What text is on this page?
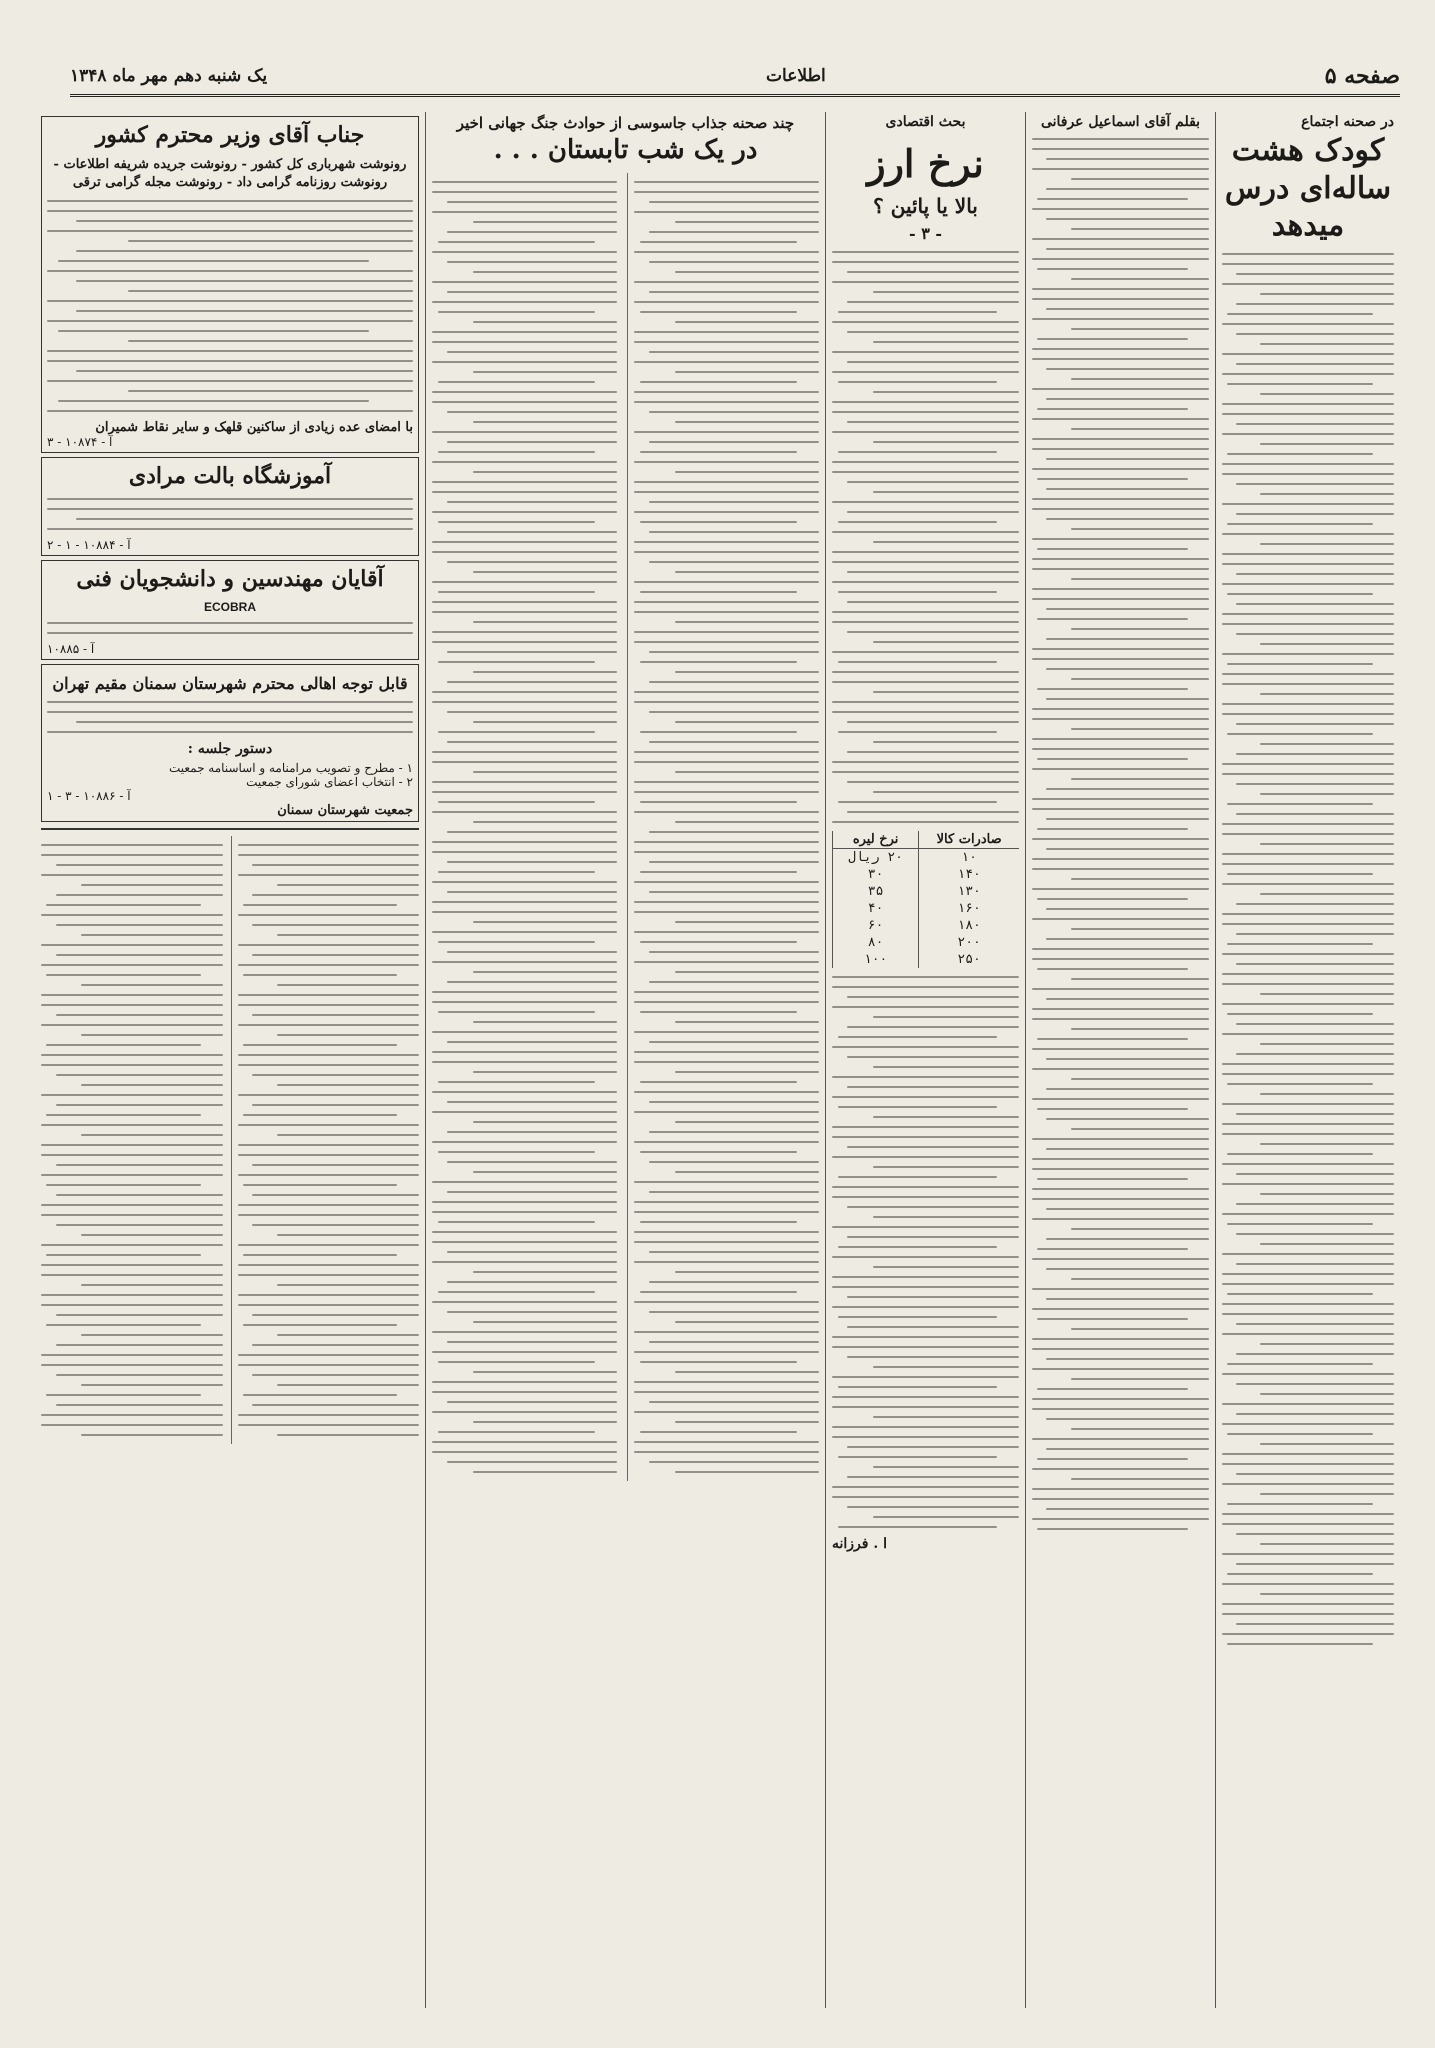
صفحه ۵
اطلاعات
یک شنبه دهم مهر ماه ۱۳۴۸
در صحنه اجتماع
کودک هشت ساله‌ای درس میدهد
بقلم آقای اسماعیل عرفانی
بحث اقتصادی
نرخ ارز
بالا یا پائین ؟
- ۳ -
صادرات کالا	نرخ لیره
۱۰	۲۰ ریال
۱۴۰	۳۰
۱۳۰	۳۵
۱۶۰	۴۰
۱۸۰	۶۰
۲۰۰	۸۰
۲۵۰	۱۰۰
ا . فرزانه
چند صحنه جذاب جاسوسی از حوادث جنگ جهانی اخیر
در یک شب تابستان . . .
جناب آقای وزیر محترم کشور
رونوشت شهرباری کل کشور - رونوشت جریده شریفه اطلاعات - رونوشت روزنامه گرامی داد - رونوشت مجله گرامی ترقی
با امضای عده زیادی از ساکنین قلهک و سایر نقاط شمیران
آ - ۱۰۸۷۴ - ۳
آموزشگاه بالت مرادی
آ - ۱۰۸۸۴ - ۱ - ۲
آقایان مهندسین و دانشجویان فنی
ECOBRA
آ - ۱۰۸۸۵
قابل توجه اهالی محترم شهرستان سمنان مقیم تهران
دستور جلسه :
۱ - مطرح و تصویب مرامنامه و اساسنامه جمعیت
۲ - انتخاب اعضای شورای جمعیت
آ - ۱۰۸۸۶ - ۳ - ۱
جمعیت شهرستان سمنان
